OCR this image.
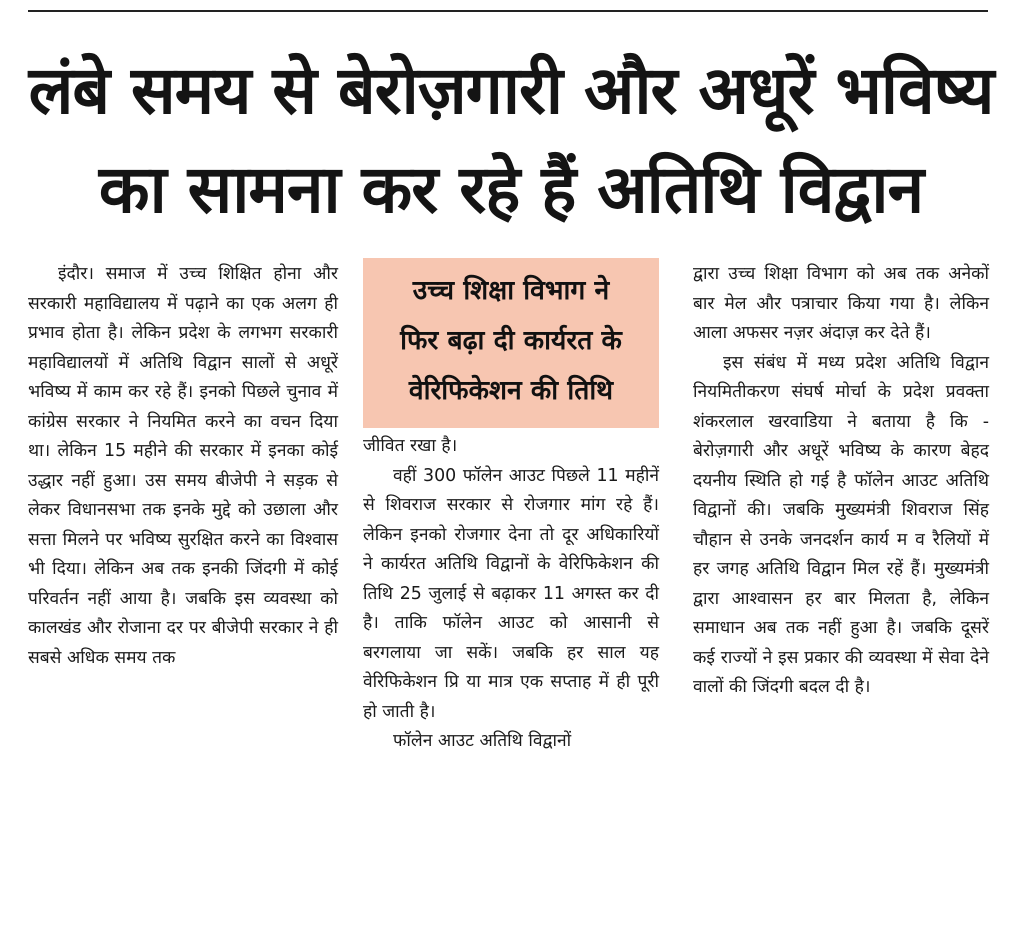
लंबे समय से बेरोज़गारी और अधूरें भविष्य
का सामना कर रहे हैं अतिथि विद्वान

इंदौर। समाज में उच्च शिक्षित होना और सरकारी महाविद्यालय में पढ़ाने का एक अलग ही प्रभाव होता है। लेकिन प्रदेश के लगभग सरकारी महाविद्यालयों में अतिथि विद्वान सालों से अधूरें भविष्य में काम कर रहे हैं। इनको पिछले चुनाव में कांग्रेस सरकार ने नियमित करने का वचन दिया था। लेकिन 15 महीने की सरकार में इनका कोई उद्धार नहीं हुआ। उस समय बीजेपी ने सड़क से लेकर विधानसभा तक इनके मुद्दे को उछाला और सत्ता मिलने पर भविष्य सुरक्षित करने का विश्वास भी दिया। लेकिन अब तक इनकी जिंदगी में कोई परिवर्तन नहीं आया है। जबकि इस व्यवस्था को कालखंड और रोजाना दर पर बीजेपी सरकार ने ही सबसे अधिक समय तक

उच्च शिक्षा विभाग ने
फिर बढ़ा दी कार्यरत के
वेरिफिकेशन की तिथि

जीवित रखा है।

वहीं 300 फॉलेन आउट पिछले 11 महीनें से शिवराज सरकार से रोजगार मांग रहे हैं। लेकिन इनको रोजगार देना तो दूर अधिकारियों ने कार्यरत अतिथि विद्वानों के वेरिफिकेशन की तिथि 25 जुलाई से बढ़ाकर 11 अगस्त कर दी है। ताकि फॉलेन आउट को आसानी से बरगलाया जा सकें। जबकि हर साल यह वेरिफिकेशन प्रि या मात्र एक सप्ताह में ही पूरी हो जाती है।

फॉलेन आउट अतिथि विद्वानों

द्वारा उच्च शिक्षा विभाग को अब तक अनेकों बार मेल और पत्राचार किया गया है। लेकिन आला अफसर नज़र अंदाज़ कर देते हैं।

इस संबंध में मध्य प्रदेश अतिथि विद्वान नियमितीकरण संघर्ष मोर्चा के प्रदेश प्रवक्ता शंकरलाल खरवाडिया ने बताया है कि - बेरोज़गारी और अधूरें भविष्य के कारण बेहद दयनीय स्थिति हो गई है फॉलेन आउट अतिथि विद्वानों की। जबकि मुख्यमंत्री शिवराज सिंह चौहान से उनके जनदर्शन कार्य म व रैलियों में हर जगह अतिथि विद्वान मिल रहें हैं। मुख्यमंत्री द्वारा आश्वासन हर बार मिलता है, लेकिन समाधान अब तक नहीं हुआ है। जबकि दूसरें कई राज्यों ने इस प्रकार की व्यवस्था में सेवा देने वालों की जिंदगी बदल दी है।
